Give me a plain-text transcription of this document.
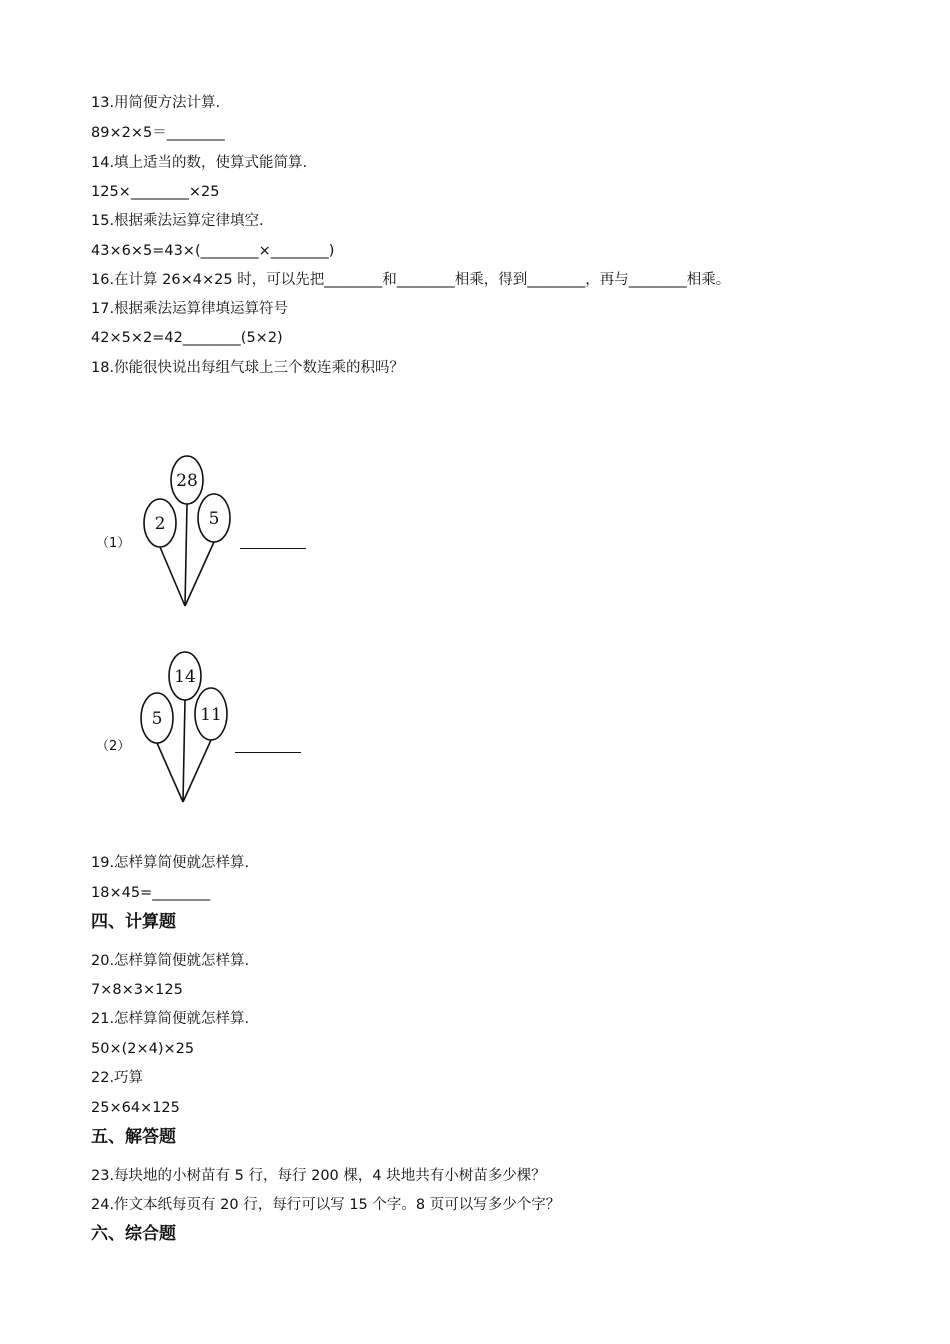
13.用简便方法计算.
89×2×5＝________
14.填上适当的数，使算式能简算.
125×________×25
15.根据乘法运算定律填空.
43×6×5=43×(________×________)
16.在计算 26×4×25 时，可以先把________和________相乘，得到________，再与________相乘。
17.根据乘法运算律填运算符号
42×5×2=42________(5×2)
18.你能很快说出每组气球上三个数连乘的积吗？
（1）
2
28
5
（2）
5
14
11
19.怎样算简便就怎样算.
18×45=________
四、计算题
20.怎样算简便就怎样算.
7×8×3×125
21.怎样算简便就怎样算.
50×(2×4)×25
22.巧算
25×64×125
五、解答题
23.每块地的小树苗有 5 行，每行 200 棵，4 块地共有小树苗多少棵？
24.作文本纸每页有 20 行，每行可以写 15 个字。8 页可以写多少个字？
六、综合题
